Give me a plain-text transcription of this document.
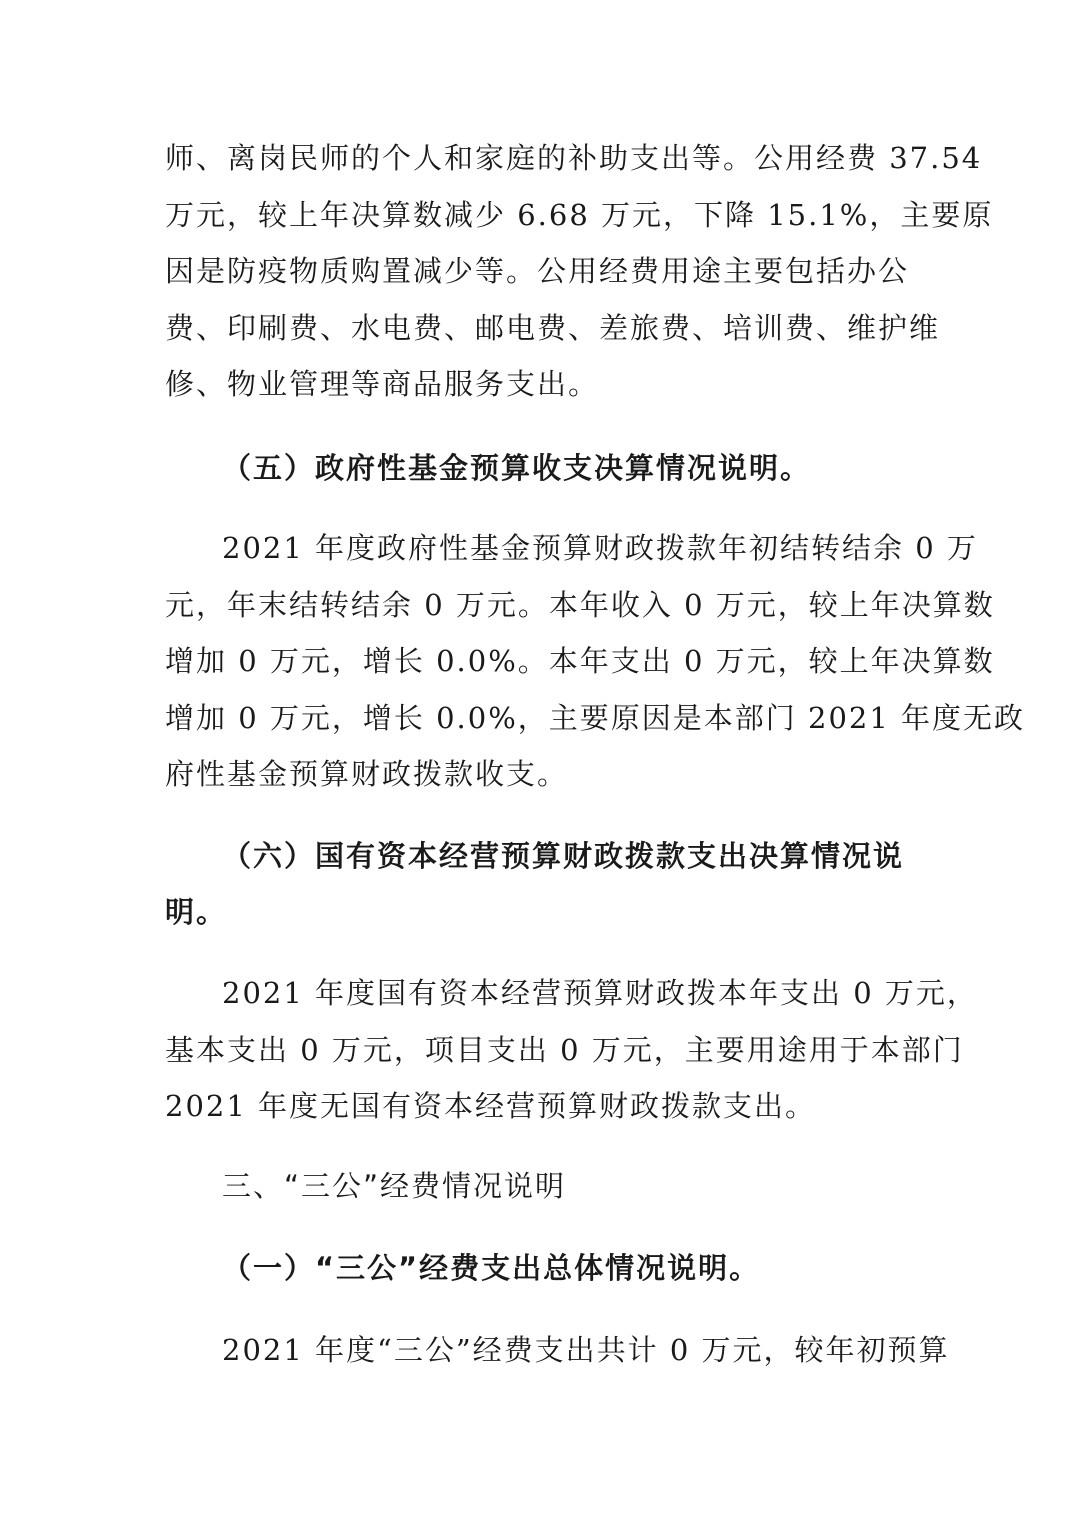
师、离岗民师的个人和家庭的补助支出等。公用经费 37.54
万元，较上年决算数减少 6.68 万元，下降 15.1%，主要原
因是防疫物质购置减少等。公用经费用途主要包括办公
费、印刷费、水电费、邮电费、差旅费、培训费、维护维
修、物业管理等商品服务支出。
（五）政府性基金预算收支决算情况说明。
2021 年度政府性基金预算财政拨款年初结转结余 0 万
元，年末结转结余 0 万元。本年收入 0 万元，较上年决算数
增加 0 万元，增长 0.0%。本年支出 0 万元，较上年决算数
增加 0 万元，增长 0.0%，主要原因是本部门 2021 年度无政
府性基金预算财政拨款收支。
（六）国有资本经营预算财政拨款支出决算情况说
明。
2021 年度国有资本经营预算财政拨本年支出 0 万元，
基本支出 0 万元，项目支出 0 万元，主要用途用于本部门
2021 年度无国有资本经营预算财政拨款支出。
三、“三公”经费情况说明
（一）“三公”经费支出总体情况说明。
2021 年度“三公”经费支出共计 0 万元，较年初预算
